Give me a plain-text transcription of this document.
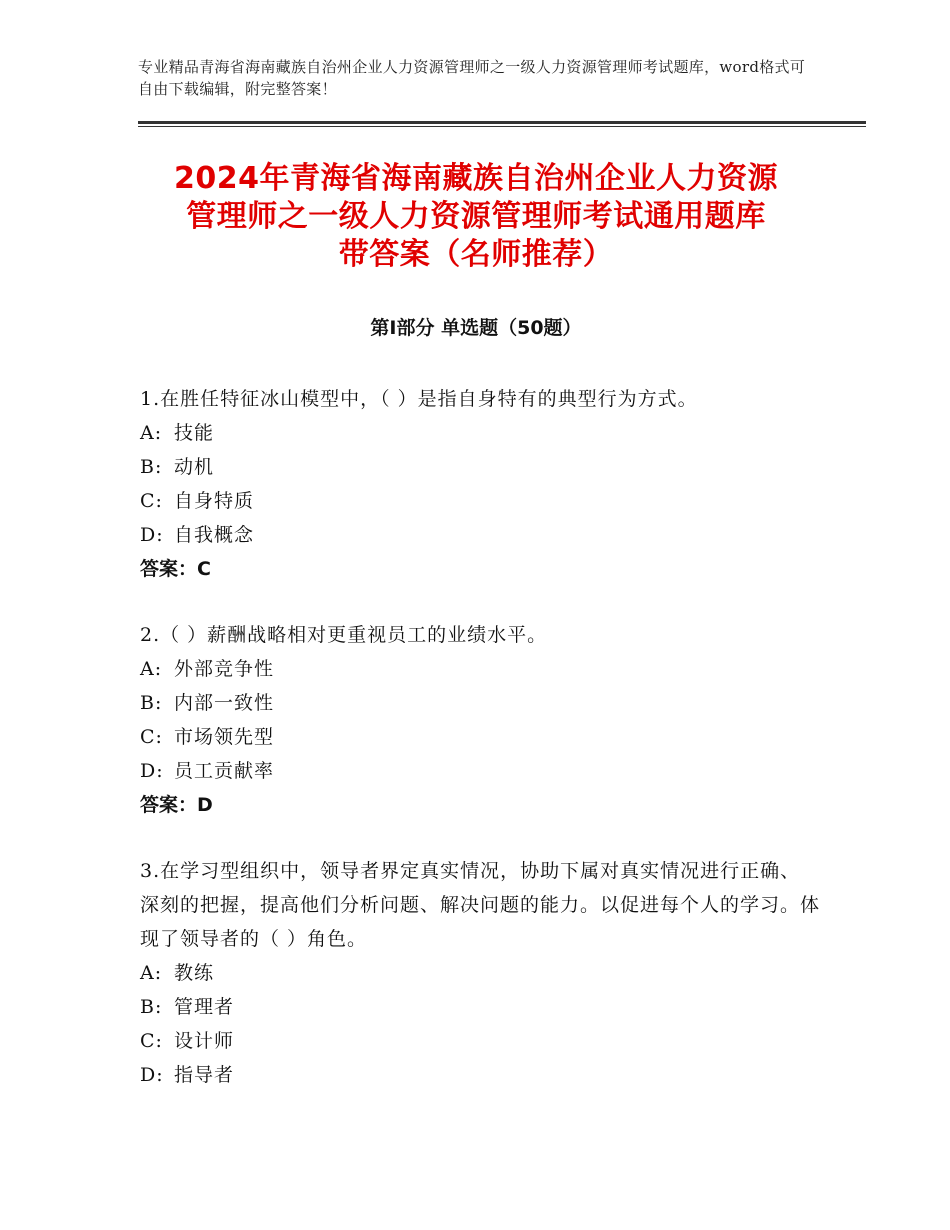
专业精品青海省海南藏族自治州企业人力资源管理师之一级人力资源管理师考试题库，word格式可自由下载编辑，附完整答案！
2024年青海省海南藏族自治州企业人力资源
管理师之一级人力资源管理师考试通用题库
带答案（名师推荐）
第Ⅰ部分 单选题（50题）
1.在胜任特征冰山模型中，（ ）是指自身特有的典型行为方式。
A: 技能
B: 动机
C: 自身特质
D: 自我概念
答案：C
2.（ ）薪酬战略相对更重视员工的业绩水平。
A: 外部竞争性
B: 内部一致性
C: 市场领先型
D: 员工贡献率
答案：D
3.在学习型组织中，领导者界定真实情况，协助下属对真实情况进行正确、深刻的把握，提高他们分析问题、解决问题的能力。以促进每个人的学习。体现了领导者的（ ）角色。
A: 教练
B: 管理者
C: 设计师
D: 指导者
